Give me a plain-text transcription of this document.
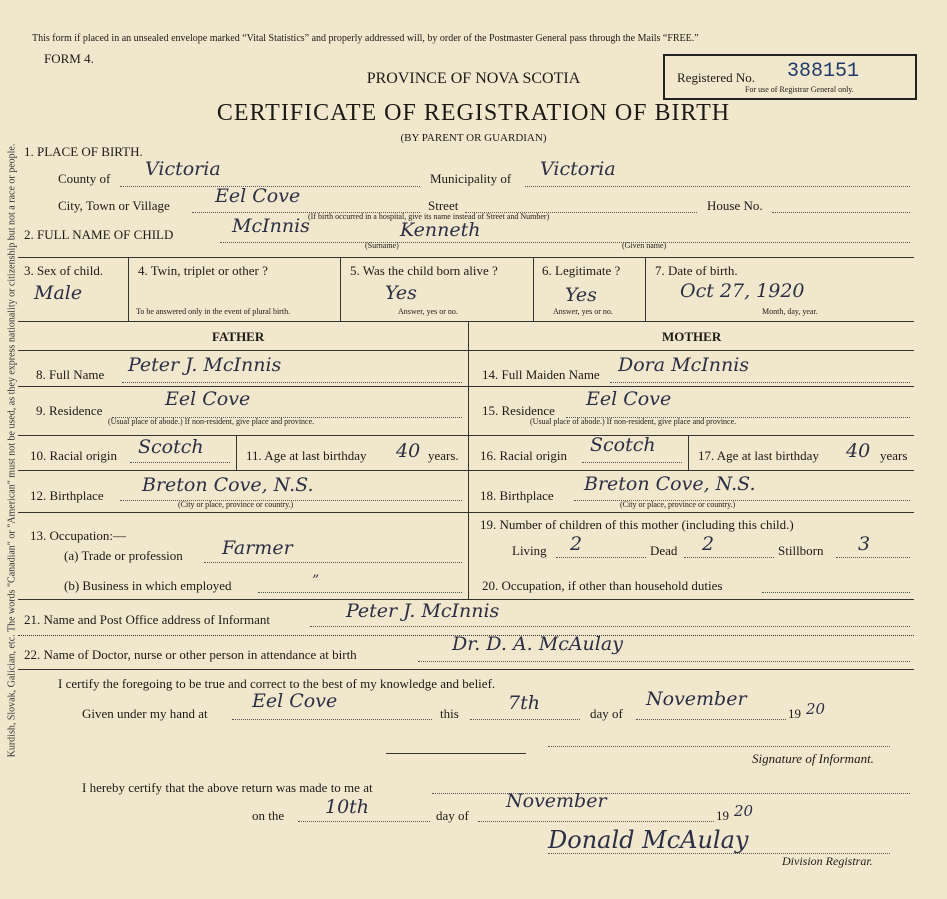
Kurdish, Slovak, Galician, etc. The words "Canadian" or "American" must not be used, as they express nationality or citizenship but not a race or people.
This form if placed in an unsealed envelope marked “Vital Statistics” and properly addressed will, by order of the Postmaster General pass through the Mails “FREE.”
FORM 4.
PROVINCE OF NOVA SCOTIA
CERTIFICATE OF REGISTRATION OF BIRTH
(BY PARENT OR GUARDIAN)
Registered No. 388151
For use of Registrar General only.
1. PLACE OF BIRTH.
County of Victoria	Municipality of Victoria
City, Town or Village Eel Cove	Street	House No.
(If birth occurred in a hospital, give its name instead of Street and Number)
2. FULL NAME OF CHILD	McInnis	Kenneth
(Surname)	(Given name)
3. Sex of child.
Male
4. Twin, triplet or other ?
To be answered only in the event of plural birth.
5. Was the child born alive ?
Yes
Answer, yes or no.
6. Legitimate ?
Yes
Answer, yes or no.
7. Date of birth.
Oct 27, 1920
Month, day, year.
FATHER	MOTHER
8. Full Name Peter J. McInnis
9. Residence
Eel Cove
(Usual place of abode.) If non-resident, give place and province.
10. Racial origin Scotch	11. Age at last birthday 40 years.
12. Birthplace Breton Cove, N.S.
(City or place, province or country.)
13. Occupation:—
(a) Trade or profession Farmer
(b) Business in which employed	”
14. Full Maiden Name Dora McInnis
15. Residence
Eel Cove
(Usual place of abode.) If non-resident, give place and province.
16. Racial origin Scotch	17. Age at last birthday 40 years
18. Birthplace
Breton Cove, N.S.
(City or place, province or country.)
19. Number of children of this mother (including this child.)
Living 2	Dead 2	Stillborn 3
20. Occupation, if other than household duties
21. Name and Post Office address of Informant	Peter J. McInnis
22. Name of Doctor, nurse or other person in attendance at birth	Dr. D. A. McAulay
I certify the foregoing to be true and correct to the best of my knowledge and belief.
Given under my hand at
Eel Cove
this	7th	day of
November
19 20
Signature of Informant.
I hereby certify that the above return was made to me at
on the 10th	day of
November
19 20
Donald McAulay
Division Registrar.
